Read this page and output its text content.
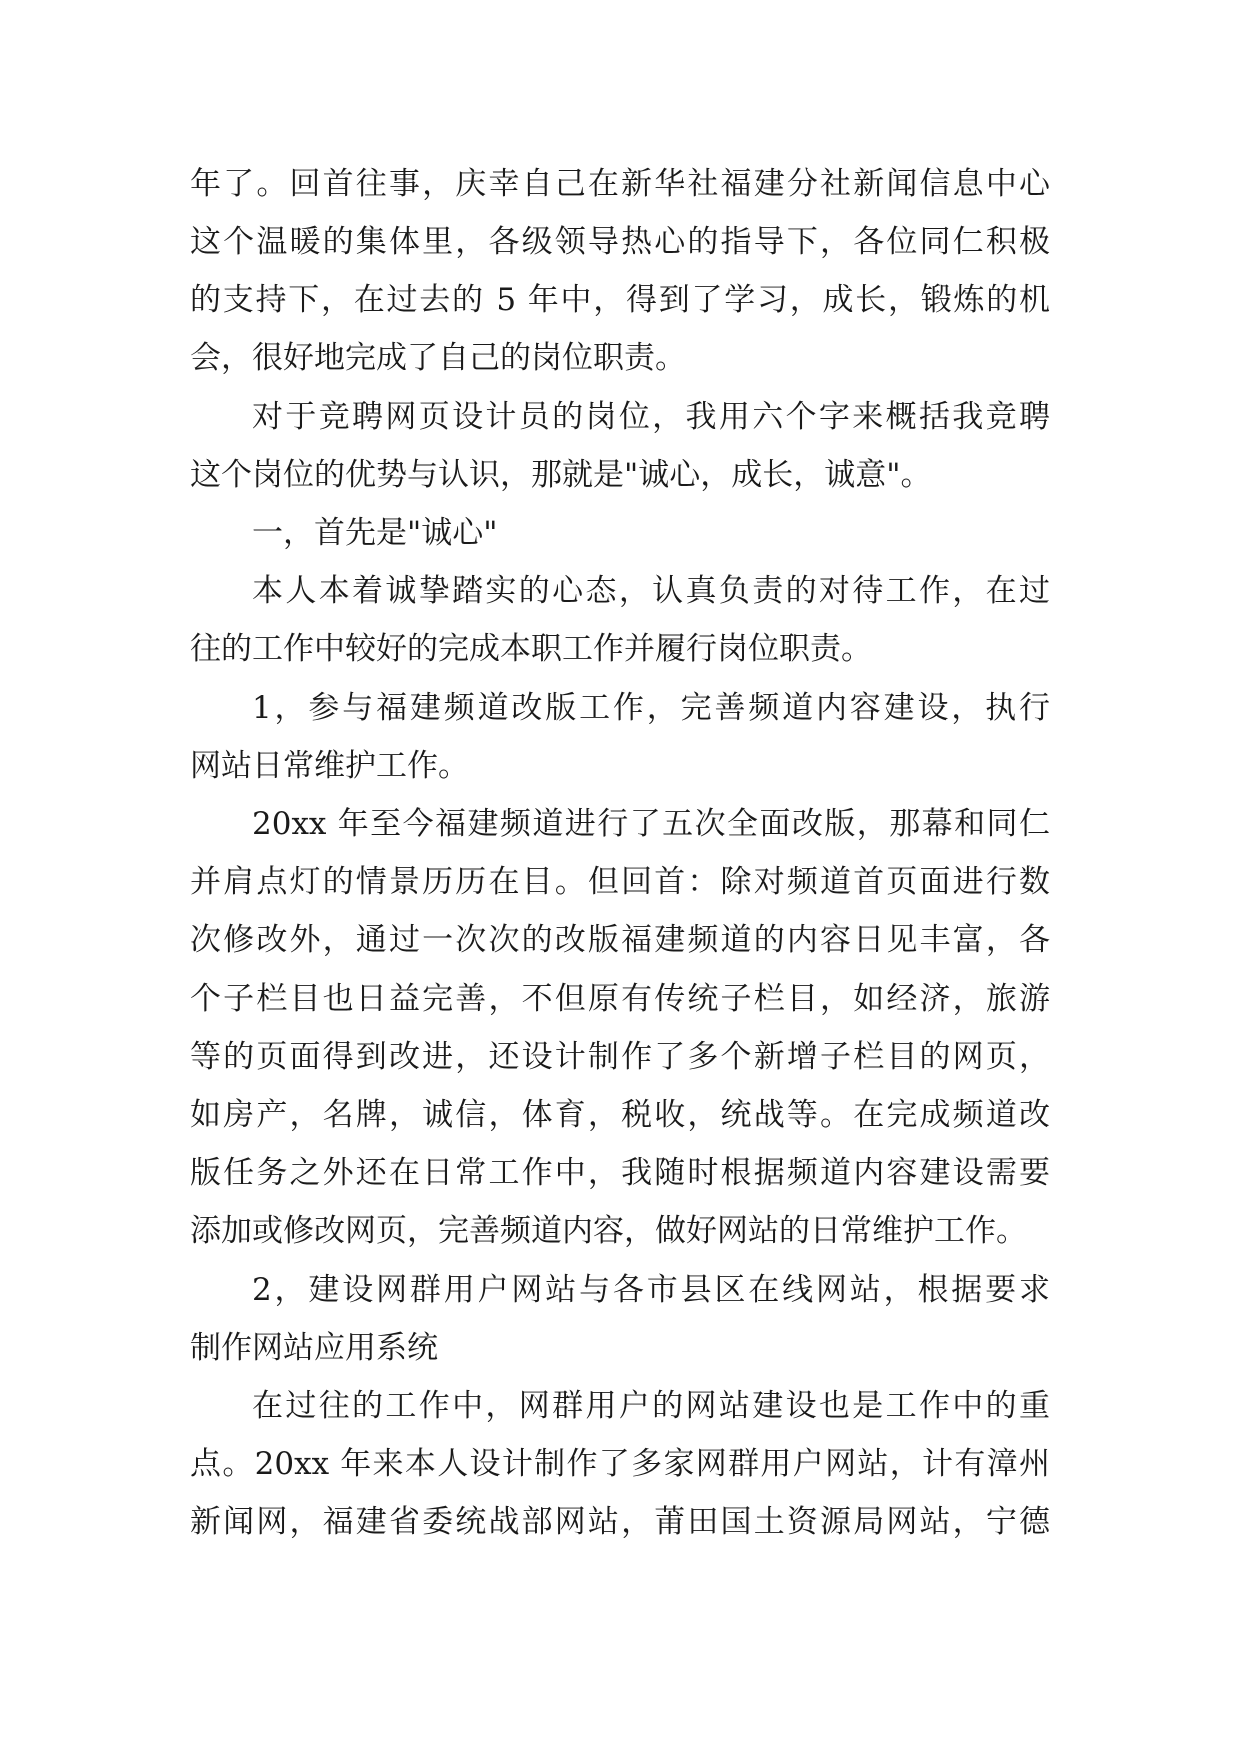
年了。回首往事，庆幸自己在新华社福建分社新闻信息中心
这个温暖的集体里，各级领导热心的指导下，各位同仁积极
的支持下，在过去的 5 年中，得到了学习，成长，锻炼的机
会，很好地完成了自己的岗位职责。
对于竞聘网页设计员的岗位，我用六个字来概括我竞聘
这个岗位的优势与认识，那就是"诚心，成长，诚意"。
一，首先是"诚心"
本人本着诚挚踏实的心态，认真负责的对待工作，在过
往的工作中较好的完成本职工作并履行岗位职责。
1，参与福建频道改版工作，完善频道内容建设，执行
网站日常维护工作。
20xx 年至今福建频道进行了五次全面改版，那幕和同仁
并肩点灯的情景历历在目。但回首：除对频道首页面进行数
次修改外，通过一次次的改版福建频道的内容日见丰富，各
个子栏目也日益完善，不但原有传统子栏目，如经济，旅游
等的页面得到改进，还设计制作了多个新增子栏目的网页，
如房产，名牌，诚信，体育，税收，统战等。在完成频道改
版任务之外还在日常工作中，我随时根据频道内容建设需要
添加或修改网页，完善频道内容，做好网站的日常维护工作。
2，建设网群用户网站与各市县区在线网站，根据要求
制作网站应用系统
在过往的工作中，网群用户的网站建设也是工作中的重
点。20xx 年来本人设计制作了多家网群用户网站，计有漳州
新闻网，福建省委统战部网站，莆田国土资源局网站，宁德
